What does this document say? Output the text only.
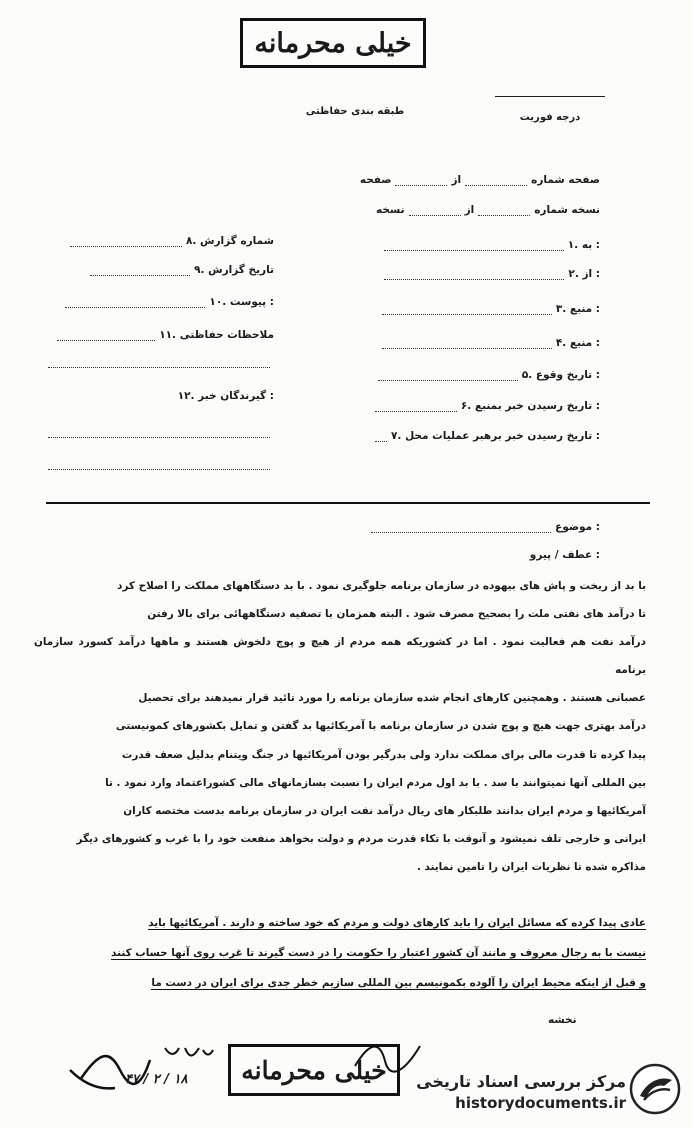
خیلی محرمانه
درجه فوریت
طبقه بندی حفاظتی
صفحه شماره
از
صفحه
نسخه شماره
از
نسخه
۱. به :
۲. از :
۳. منبع :
۴. منبع :
۵. تاریخ وقوع :
۶. تاریخ رسیدن خبر بمنبع :
۷. تاریخ رسیدن خبر برهبر عملیات محل :
۸. شماره گزارش
۹. تاریخ گزارش
۱۰. پیوست :
۱۱. ملاحظات حفاظتی
۱۲. گیرندگان خبر :
موضوع :
عطف / پیرو :

با بد از ریخت و پاش های بیهوده در سازمان برنامه جلوگیری نمود . با بد دستگاههای مملکت را اصلاح کرد

تا درآمد های نفتی ملت را بصحیح مصرف شود . البته همزمان با تصفیه دستگاههائی برای بالا رفتن

درآمد نفت هم فعالیت نمود . اما در کشوریکه همه مردم از هیچ و پوچ دلخوش هستند و ماهها درآمد کسورد سازمان برنامه

عصبانی هستند . وهمچنین کارهای انجام شده سازمان برنامه را مورد تائید قرار نمیدهند برای تحصیل

درآمد بهتری جهت هیچ و پوچ شدن در سازمان برنامه با آمریکائیها بد گفتن و تمایل بکشورهای کمونیستی

پیدا کرده تا قدرت مالی برای مملکت ندارد ولی بدرگیر بودن آمریکائیها در جنگ ویتنام بدلیل ضعف قدرت

بین المللی آنها نمیتوانند با سد . با بد اول مردم ایران را نسبت بسازمانهای مالی کشوراعتماد وارد نمود . تا

آمریکائیها و مردم ایران بدانند طلبکار های ریال درآمد نفت ایران در سازمان برنامه بدست مختصه کاران

ایرانی و خارجی تلف نمیشود و آنوقت با تکاء قدرت مردم و دولت بخواهد منفعت خود را با غرب و کشورهای دیگر

مذاکره شده تا نظریات ایران را تامین نمایند .

عادی پیدا کرده که مسائل ایران را باید کارهای دولت و مردم که خود ساخته و دارند . آمریکائیها باید
نیست با به رجال معروف و مانند آن کشور اعتبار را حکومت را در دست گیرند تا غرب روی آنها حساب کنند
و قبل از اینکه محیط ایران را آلوده بکمونیسم بین المللی سازیم خطر جدی برای ایران در دست ما
نخشه
۱۸ / ۲ / ۴۷	خیلی محرمانه	مرکز بررسی اسناد تاریخی
historydocuments.ir
